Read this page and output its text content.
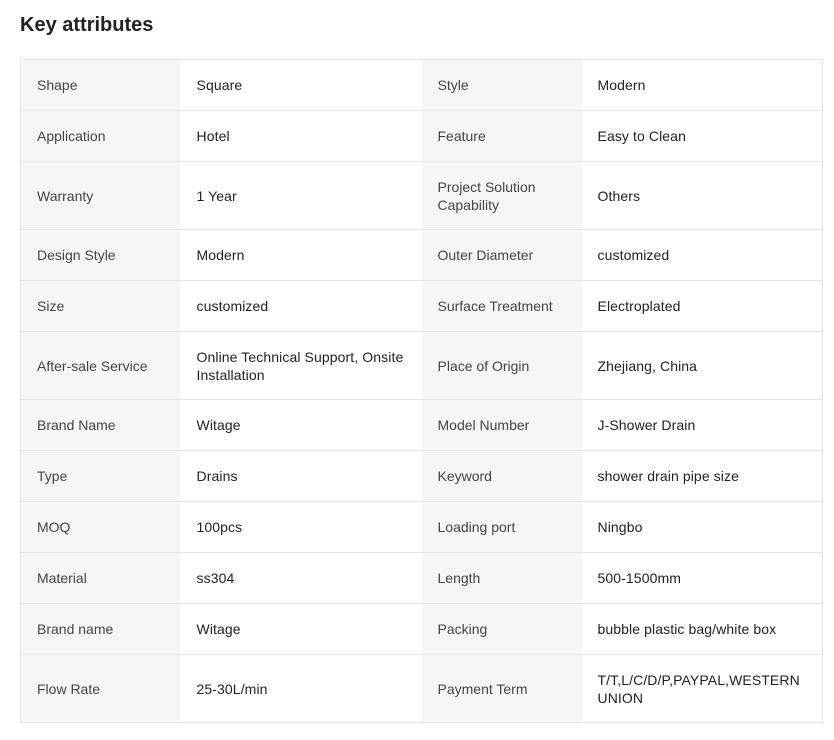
Key attributes
Shape	Square	Style	Modern
Application	Hotel	Feature	Easy to Clean
Warranty	1 Year	Project Solution Capability	Others
Design Style	Modern	Outer Diameter	customized
Size	customized	Surface Treatment	Electroplated
After-sale Service	Online Technical Support, Onsite Installation	Place of Origin	Zhejiang, China
Brand Name	Witage	Model Number	J-Shower Drain
Type	Drains	Keyword	shower drain pipe size
MOQ	100pcs	Loading port	Ningbo
Material	ss304	Length	500-1500mm
Brand name	Witage	Packing	bubble plastic bag/white box
Flow Rate	25-30L/min	Payment Term	T/T,L/C/D/P,PAYPAL,WESTERN UNION
